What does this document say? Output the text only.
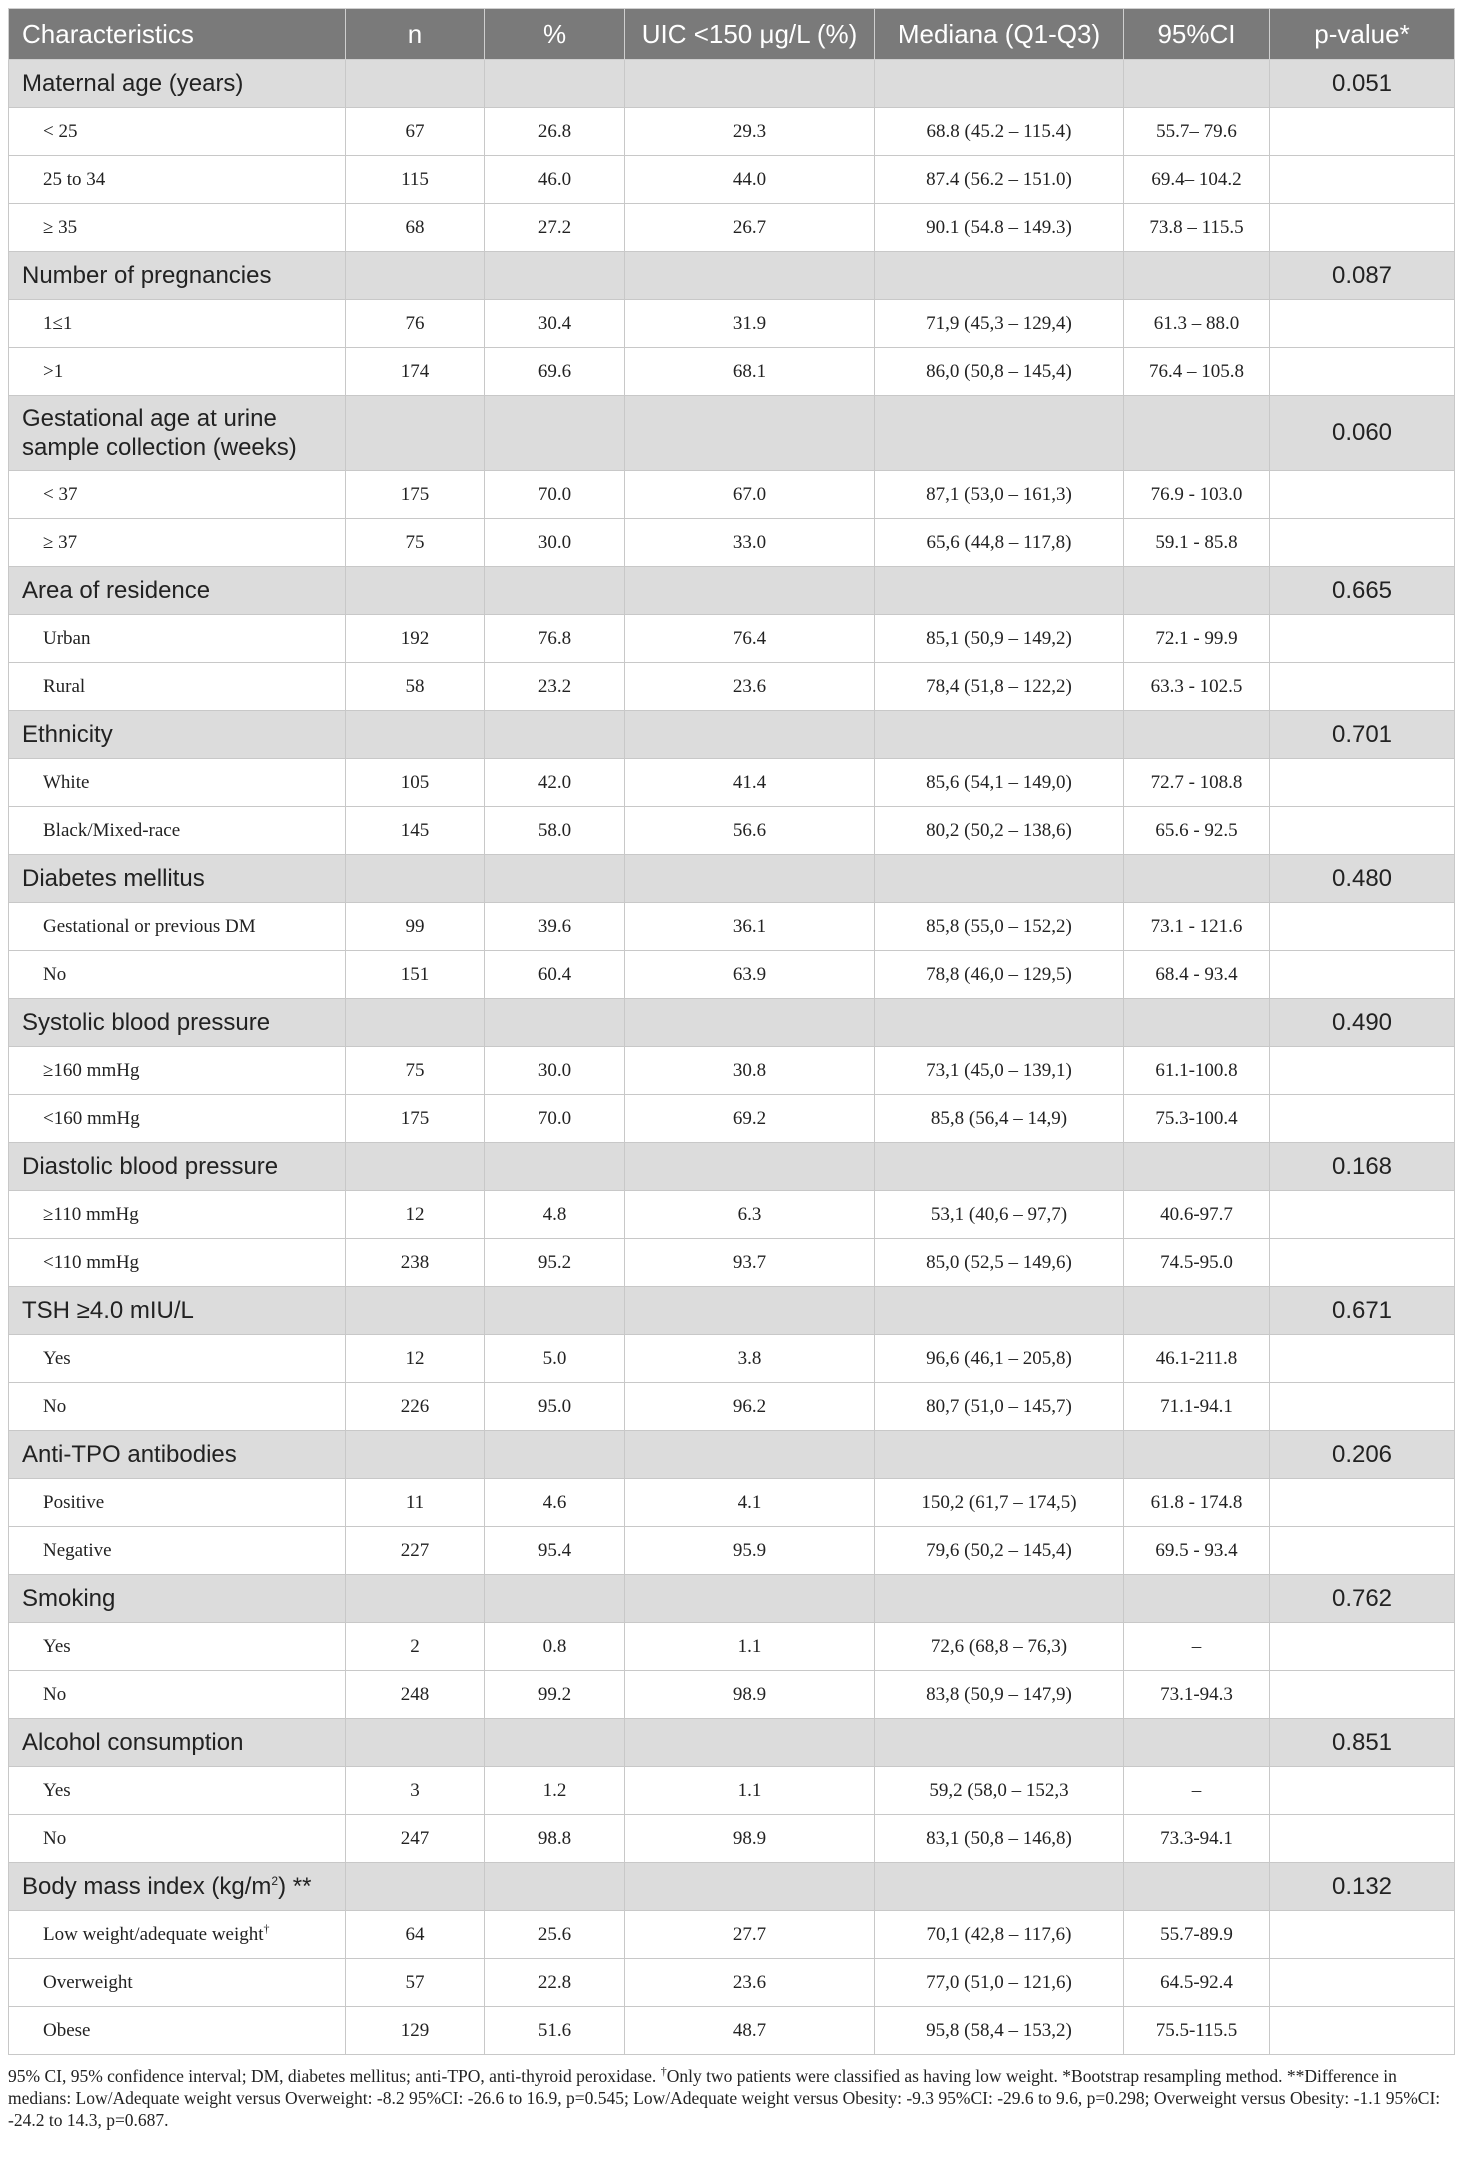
Characteristics	n	%	UIC <150 μg/L (%)	Mediana (Q1-Q3)	95%CI	p-value*
Maternal age (years)						0.051
< 25	67	26.8	29.3	68.8 (45.2 – 115.4)	55.7– 79.6	
25 to 34	115	46.0	44.0	87.4 (56.2 – 151.0)	69.4– 104.2	
≥ 35	68	27.2	26.7	90.1 (54.8 – 149.3)	73.8 – 115.5	
Number of pregnancies						0.087
1≤1	76	30.4	31.9	71,9 (45,3 – 129,4)	61.3 – 88.0	
>1	174	69.6	68.1	86,0 (50,8 – 145,4)	76.4 – 105.8	
Gestational age at urine sample collection (weeks)						0.060
< 37	175	70.0	67.0	87,1 (53,0 – 161,3)	76.9 - 103.0	
≥ 37	75	30.0	33.0	65,6 (44,8 – 117,8)	59.1 - 85.8	
Area of residence						0.665
Urban	192	76.8	76.4	85,1 (50,9 – 149,2)	72.1 - 99.9	
Rural	58	23.2	23.6	78,4 (51,8 – 122,2)	63.3 - 102.5	
Ethnicity						0.701
White	105	42.0	41.4	85,6 (54,1 – 149,0)	72.7 - 108.8	
Black/Mixed-race	145	58.0	56.6	80,2 (50,2 – 138,6)	65.6 - 92.5	
Diabetes mellitus						0.480
Gestational or previous DM	99	39.6	36.1	85,8 (55,0 – 152,2)	73.1 - 121.6	
No	151	60.4	63.9	78,8 (46,0 – 129,5)	68.4 - 93.4	
Systolic blood pressure						0.490
≥160 mmHg	75	30.0	30.8	73,1 (45,0 – 139,1)	61.1-100.8	
<160 mmHg	175	70.0	69.2	85,8 (56,4 – 14,9)	75.3-100.4	
Diastolic blood pressure						0.168
≥110 mmHg	12	4.8	6.3	53,1 (40,6 – 97,7)	40.6-97.7	
<110 mmHg	238	95.2	93.7	85,0 (52,5 – 149,6)	74.5-95.0	
TSH ≥4.0 mIU/L						0.671
Yes	12	5.0	3.8	96,6 (46,1 – 205,8)	46.1-211.8	
No	226	95.0	96.2	80,7 (51,0 – 145,7)	71.1-94.1	
Anti-TPO antibodies						0.206
Positive	11	4.6	4.1	150,2 (61,7 – 174,5)	61.8 - 174.8	
Negative	227	95.4	95.9	79,6 (50,2 – 145,4)	69.5 - 93.4	
Smoking						0.762
Yes	2	0.8	1.1	72,6 (68,8 – 76,3)	–	
No	248	99.2	98.9	83,8 (50,9 – 147,9)	73.1-94.3	
Alcohol consumption						0.851
Yes	3	1.2	1.1	59,2 (58,0 – 152,3	–	
No	247	98.8	98.9	83,1 (50,8 – 146,8)	73.3-94.1	
Body mass index $(kg/m^2)$ **						0.132
Low weight/adequate weight†	64	25.6	27.7	70,1 (42,8 – 117,6)	55.7-89.9	
Overweight	57	22.8	23.6	77,0 (51,0 – 121,6)	64.5-92.4	
Obese	129	51.6	48.7	95,8 (58,4 – 153,2)	75.5-115.5	
95% CI, 95% confidence interval; DM, diabetes mellitus; anti-TPO, anti-thyroid peroxidase. †Only two patients were classified as having low weight. *Bootstrap resampling method. **Difference in medians: Low/Adequate weight versus Overweight: -8.2 95%CI: -26.6 to 16.9, p=0.545; Low/Adequate weight versus Obesity: -9.3 95%CI: -29.6 to 9.6, p=0.298; Overweight versus Obesity: -1.1 95%CI: -24.2 to 14.3, p=0.687.
